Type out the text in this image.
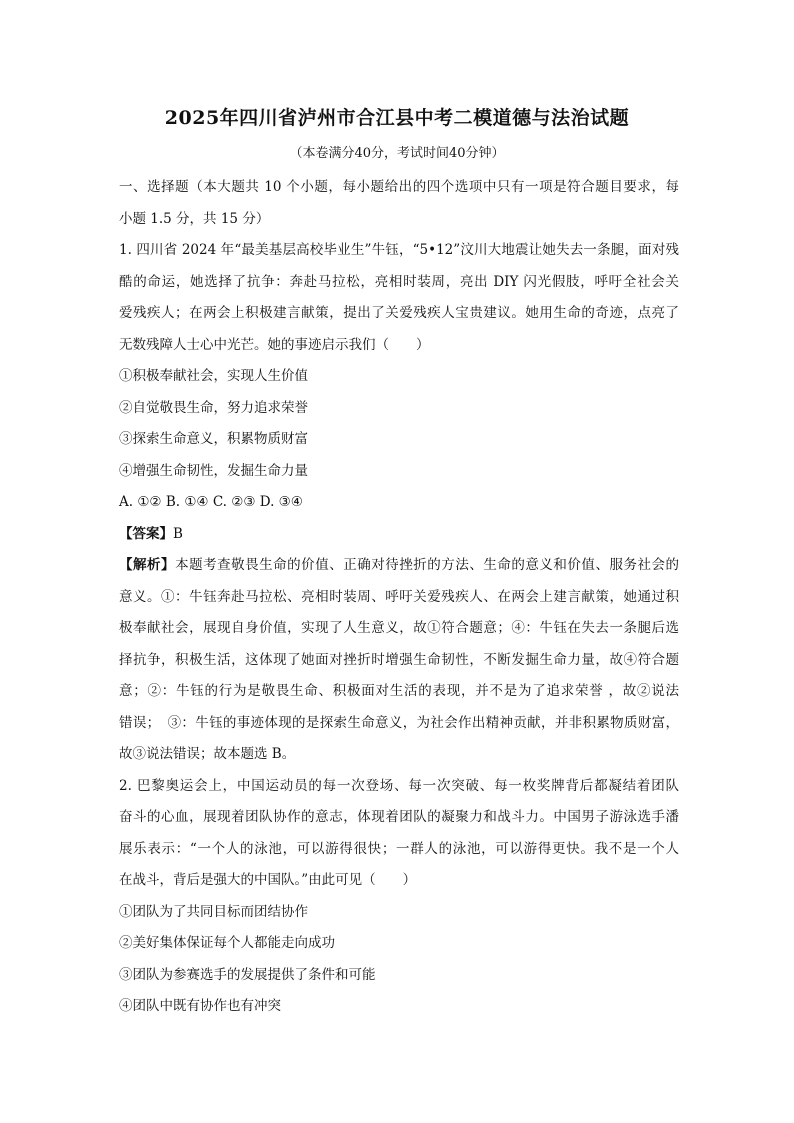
2025年四川省泸州市合江县中考二模道德与法治试题
（本卷满分40分，考试时间40分钟）
一、选择题（本大题共 10 个小题，每小题给出的四个选项中只有一项是符合题目要求，每
小题 1.5 分，共 15 分）
1. 四川省 2024 年“最美基层高校毕业生”牛钰，“5•12”汶川大地震让她失去一条腿，面对残
酷的命运，她选择了抗争：奔赴马拉松，亮相时装周，亮出 DIY 闪光假肢，呼吁全社会关
爱残疾人；在两会上积极建言献策，提出了关爱残疾人宝贵建议。她用生命的奇迹，点亮了
无数残障人士心中光芒。她的事迹启示我们（　　）
①积极奉献社会，实现人生价值
②自觉敬畏生命，努力追求荣誉
③探索生命意义，积累物质财富
④增强生命韧性，发掘生命力量
A. ①② B. ①④ C. ②③ D. ③④
【答案】B
【解析】本题考查敬畏生命的价值、正确对待挫折的方法、生命的意义和价值、服务社会的
意义。①：牛钰奔赴马拉松、亮相时装周、呼吁关爱残疾人、在两会上建言献策，她通过积
极奉献社会，展现自身价值，实现了人生意义，故①符合题意；④：牛钰在失去一条腿后选
择抗争，积极生活，这体现了她面对挫折时增强生命韧性，不断发掘生命力量，故④符合题
意；②：牛钰的行为是敬畏生命、积极面对生活的表现，并不是为了追求荣誉 ，故②说法
错误；　③：牛钰的事迹体现的是探索生命意义，为社会作出精神贡献，并非积累物质财富，
故③说法错误；故本题选 B。
2. 巴黎奥运会上，中国运动员的每一次登场、每一次突破、每一枚奖牌背后都凝结着团队
奋斗的心血，展现着团队协作的意志，体现着团队的凝聚力和战斗力。中国男子游泳选手潘
展乐表示：“一个人的泳池，可以游得很快；一群人的泳池，可以游得更快。我不是一个人
在战斗，背后是强大的中国队。”由此可见（　　）
①团队为了共同目标而团结协作
②美好集体保证每个人都能走向成功
③团队为参赛选手的发展提供了条件和可能
④团队中既有协作也有冲突
